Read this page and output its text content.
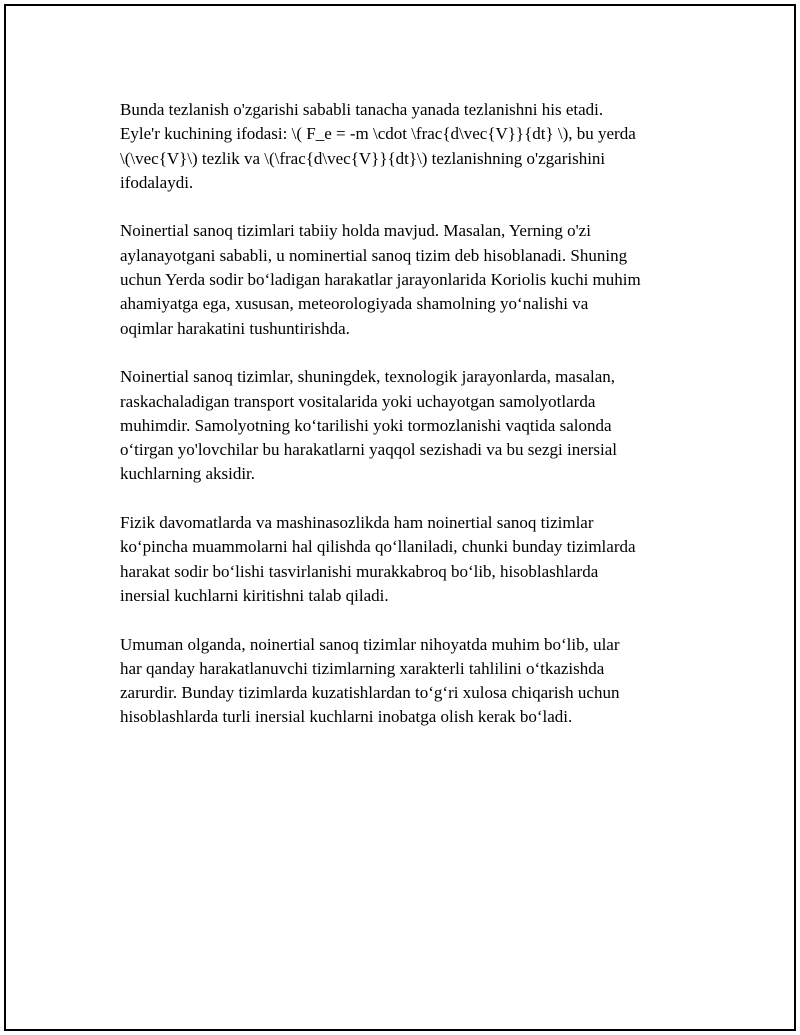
Bunda tezlanish o'zgarishi sababli tanacha yanada tezlanishni his etadi.
Eyle'r kuchining ifodasi: \( F_e = -m \cdot \frac{d\vec{V}}{dt} \), bu yerda
\(\vec{V}\) tezlik va \(\frac{d\vec{V}}{dt}\) tezlanishning o'zgarishini
ifodalaydi.

Noinertial sanoq tizimlari tabiiy holda mavjud. Masalan, Yerning o'zi
aylanayotgani sababli, u nominertial sanoq tizim deb hisoblanadi. Shuning
uchun Yerda sodir bo‘ladigan harakatlar jarayonlarida Koriolis kuchi muhim
ahamiyatga ega, xususan, meteorologiyada shamolning yo‘nalishi va
oqimlar harakatini tushuntirishda.

Noinertial sanoq tizimlar, shuningdek, texnologik jarayonlarda, masalan,
raskachaladigan transport vositalarida yoki uchayotgan samolyotlarda
muhimdir. Samolyotning ko‘tarilishi yoki tormozlanishi vaqtida salonda
o‘tirgan yo'lovchilar bu harakatlarni yaqqol sezishadi va bu sezgi inersial
kuchlarning aksidir.

Fizik davomatlarda va mashinasozlikda ham noinertial sanoq tizimlar
ko‘pincha muammolarni hal qilishda qo‘llaniladi, chunki bunday tizimlarda
harakat sodir bo‘lishi tasvirlanishi murakkabroq bo‘lib, hisoblashlarda
inersial kuchlarni kiritishni talab qiladi.

Umuman olganda, noinertial sanoq tizimlar nihoyatda muhim bo‘lib, ular
har qanday harakatlanuvchi tizimlarning xarakterli tahlilini o‘tkazishda
zarurdir. Bunday tizimlarda kuzatishlardan to‘g‘ri xulosa chiqarish uchun
hisoblashlarda turli inersial kuchlarni inobatga olish kerak bo‘ladi.
